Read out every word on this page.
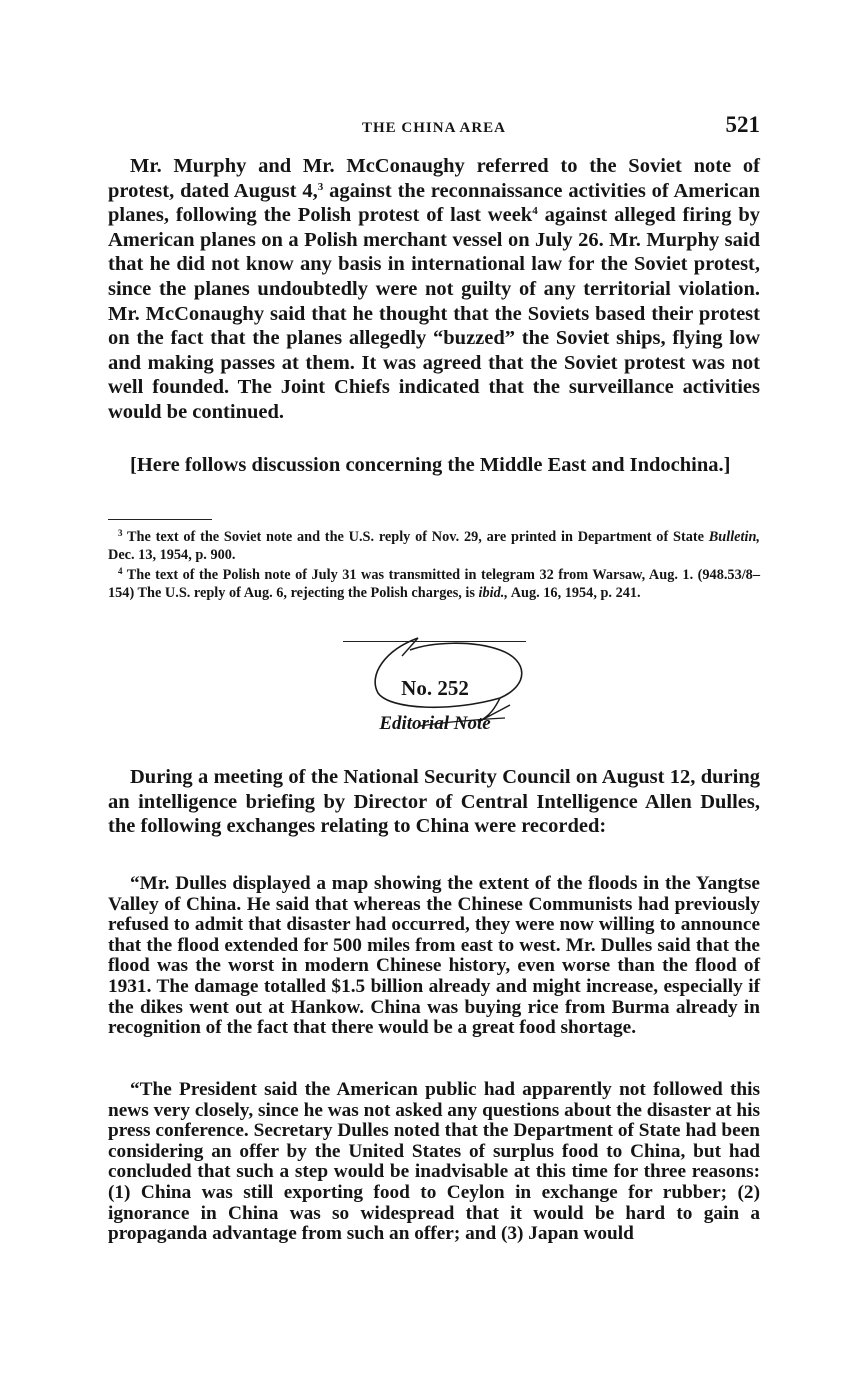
THE CHINA AREA	521

Mr. Murphy and Mr. McConaughy referred to the Soviet note of protest, dated August 4,$^3$ against the reconnaissance activities of American planes, following the Polish protest of last week$^4$ against alleged firing by American planes on a Polish merchant vessel on July 26. Mr. Murphy said that he did not know any basis in international law for the Soviet protest, since the planes undoubtedly were not guilty of any territorial violation. Mr. McConaughy said that he thought that the Soviets based their protest on the fact that the planes allegedly “buzzed” the Soviet ships, flying low and making passes at them. It was agreed that the Soviet protest was not well founded. The Joint Chiefs indicated that the surveillance activities would be continued.

[Here follows discussion concerning the Middle East and Indochina.]

$^3$ The text of the Soviet note and the U.S. reply of Nov. 29, are printed in Department of State Bulletin, Dec. 13, 1954, p. 900.

$^4$ The text of the Polish note of July 31 was transmitted in telegram 32 from Warsaw, Aug. 1. (948.53/8–154) The U.S. reply of Aug. 6, rejecting the Polish charges, is ibid., Aug. 16, 1954, p. 241.

No. 252
Editorial Note

During a meeting of the National Security Council on August 12, during an intelligence briefing by Director of Central Intelligence Allen Dulles, the following exchanges relating to China were recorded:

“Mr. Dulles displayed a map showing the extent of the floods in the Yangtse Valley of China. He said that whereas the Chinese Communists had previously refused to admit that disaster had occurred, they were now willing to announce that the flood extended for 500 miles from east to west. Mr. Dulles said that the flood was the worst in modern Chinese history, even worse than the flood of 1931. The damage totalled $1.5 billion already and might increase, especially if the dikes went out at Hankow. China was buying rice from Burma already in recognition of the fact that there would be a great food shortage.

“The President said the American public had apparently not followed this news very closely, since he was not asked any questions about the disaster at his press conference. Secretary Dulles noted that the Department of State had been considering an offer by the United States of surplus food to China, but had concluded that such a step would be inadvisable at this time for three reasons: (1) China was still exporting food to Ceylon in exchange for rubber; (2) ignorance in China was so widespread that it would be hard to gain a propaganda advantage from such an offer; and (3) Japan would
